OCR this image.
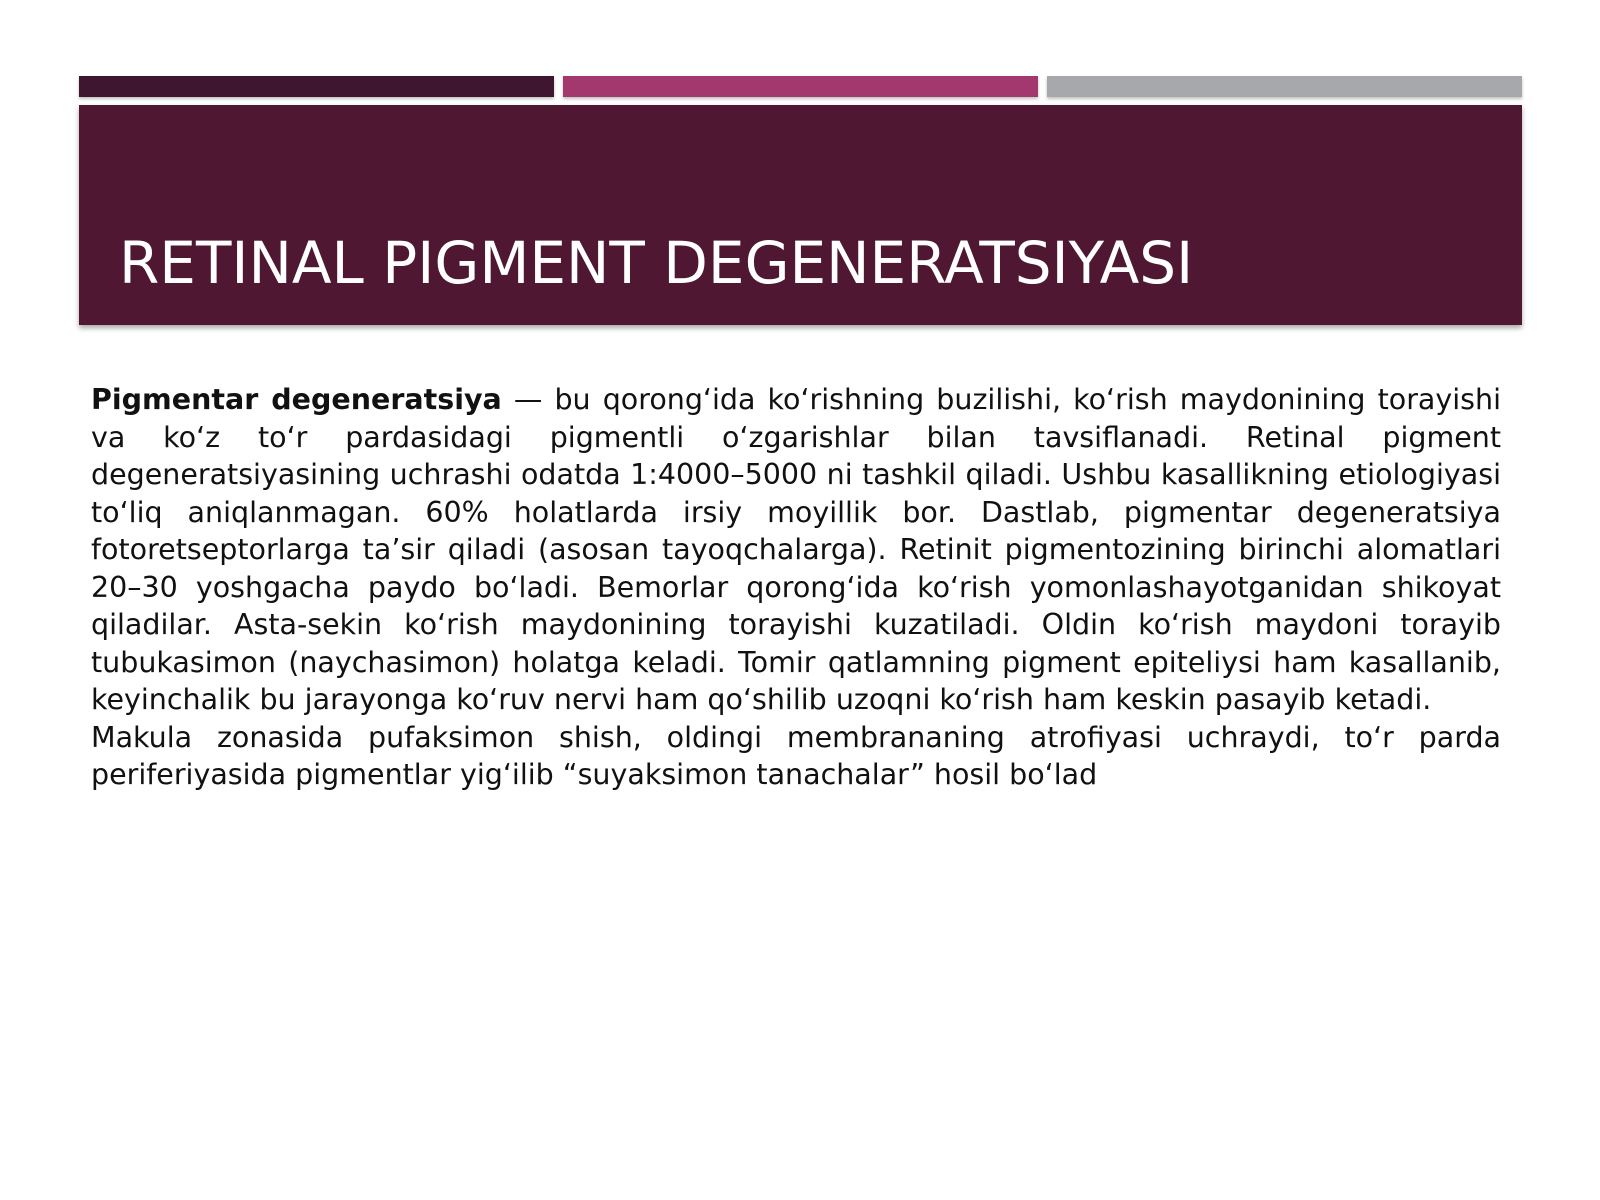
RETINAL PIGMENT DEGENERATSIYASI

Pigmentar degeneratsiya — bu qorong‘ida ko‘rishning buzilishi, ko‘rish maydonining torayishi va ko‘z to‘r pardasidagi pigmentli o‘zgarishlar bilan tavsiflanadi. Retinal pigment degeneratsiyasining uchrashi odatda 1:4000–5000 ni tashkil qiladi. Ushbu kasallikning etiologiyasi to‘liq aniqlanmagan. 60% holatlarda irsiy moyillik bor. Dastlab, pigmentar degeneratsiya fotoretseptorlarga ta’sir qiladi (asosan tayoqchalarga). Retinit pigmentozining birinchi alomatlari 20–30 yoshgacha paydo bo‘ladi. Bemorlar qorong‘ida ko‘rish yomonlashayotganidan shikoyat qiladilar. Asta-sekin ko‘rish maydonining torayishi kuzatiladi. Oldin ko‘rish maydoni torayib tubukasimon (naychasimon) holatga keladi. Tomir qatlamning pigment epiteliysi ham kasallanib, keyinchalik bu jarayonga ko‘ruv nervi ham qo‘shilib uzoqni ko‘rish ham keskin pasayib ketadi.

Makula zonasida pufaksimon shish, oldingi membrananing atrofiyasi uchraydi, to‘r parda periferiyasida pigmentlar yig‘ilib “suyaksimon tanachalar” hosil bo‘lad
